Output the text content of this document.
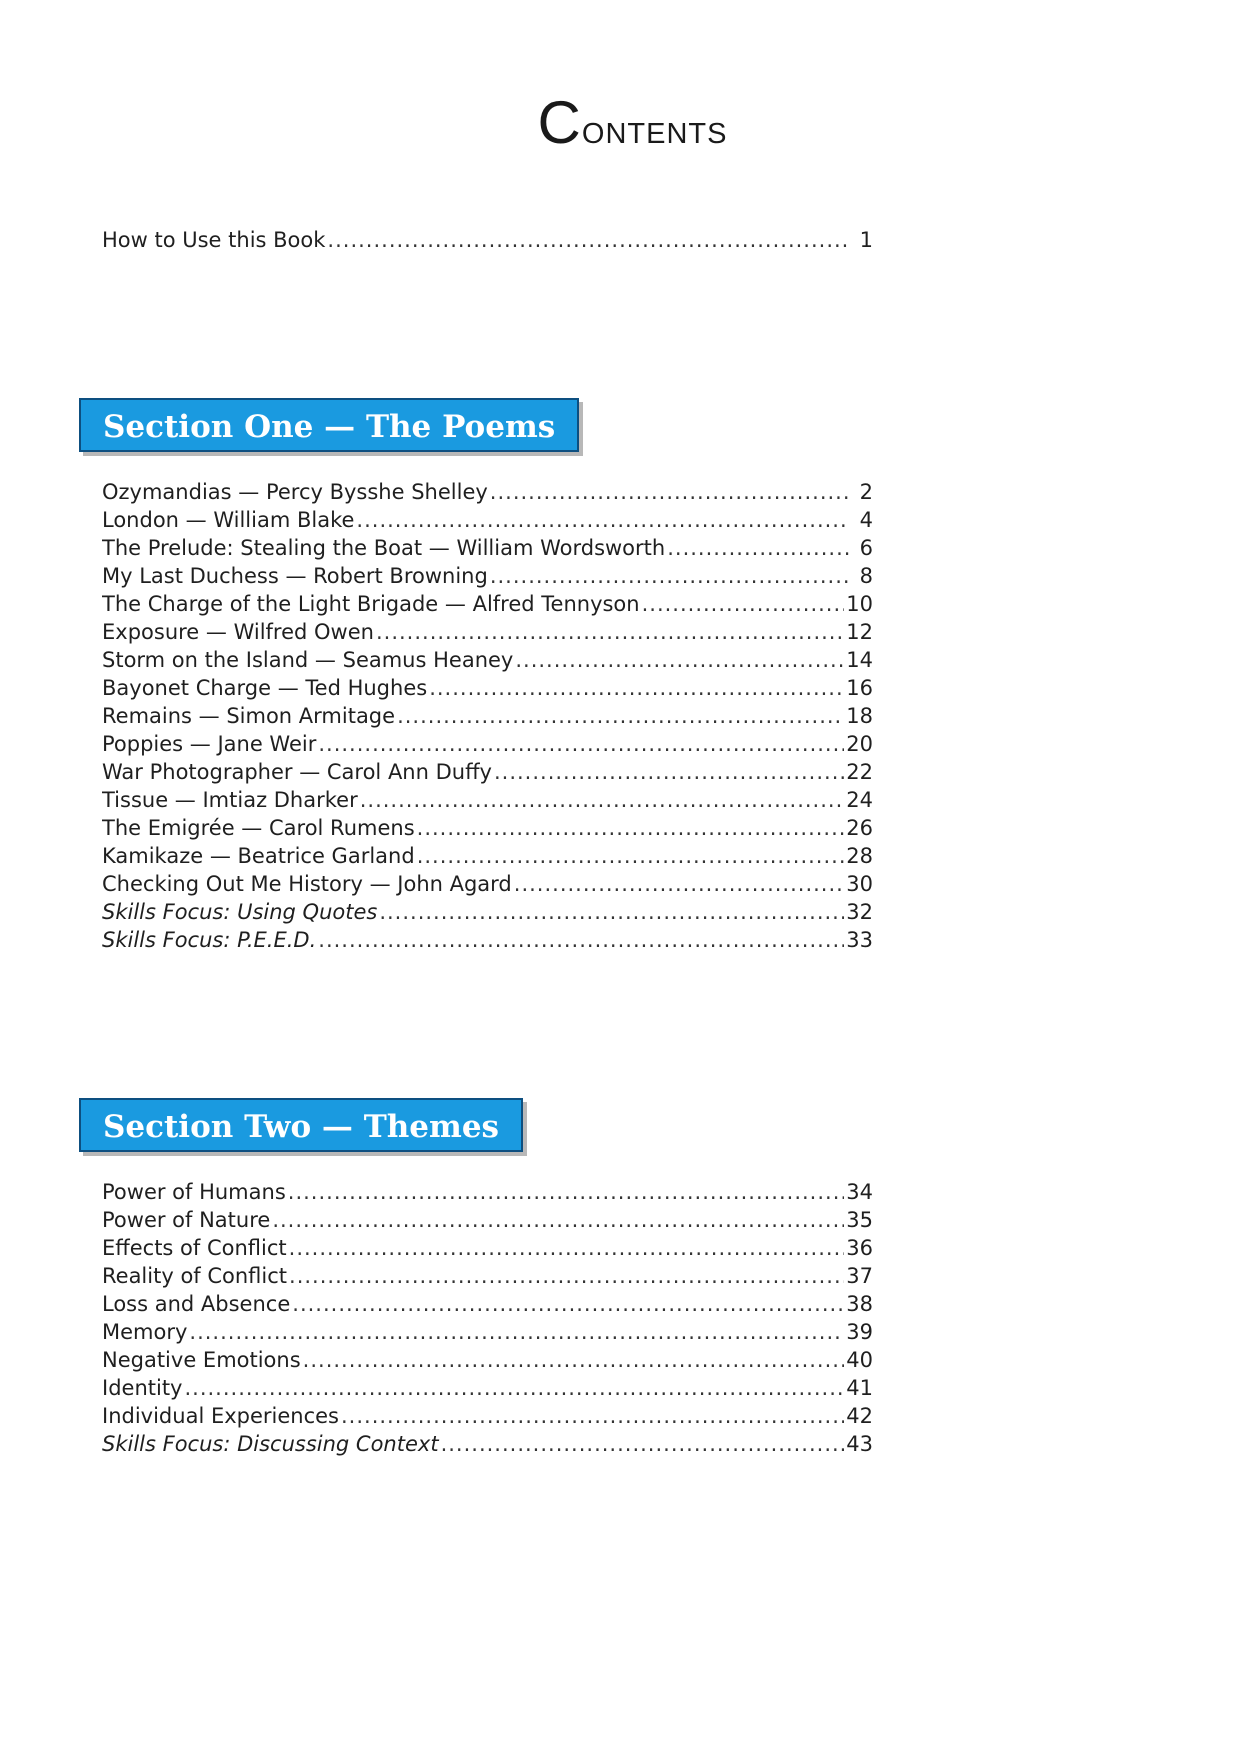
Contents
How to Use this Book .....	1
Section One — The Poems
Ozymandias — Percy Bysshe Shelley .....	2
London — William Blake .....	4
The Prelude: Stealing the Boat — William Wordsworth .....	6
My Last Duchess — Robert Browning .....	8
The Charge of the Light Brigade — Alfred Tennyson .....	10
Exposure — Wilfred Owen .....	12
Storm on the Island — Seamus Heaney .....	14
Bayonet Charge — Ted Hughes .....	16
Remains — Simon Armitage .....	18
Poppies — Jane Weir .....	20
War Photographer — Carol Ann Duffy .....	22
Tissue — Imtiaz Dharker .....	24
The Emigrée — Carol Rumens .....	26
Kamikaze — Beatrice Garland .....	28
Checking Out Me History — John Agard .....	30
Skills Focus: Using Quotes .....	32
Skills Focus: P.E.E.D. .....	33
Section Two — Themes
Power of Humans .....	34
Power of Nature .....	35
Effects of Conflict .....	36
Reality of Conflict .....	37
Loss and Absence .....	38
Memory .....	39
Negative Emotions .....	40
Identity .....	41
Individual Experiences .....	42
Skills Focus: Discussing Context .....	43
